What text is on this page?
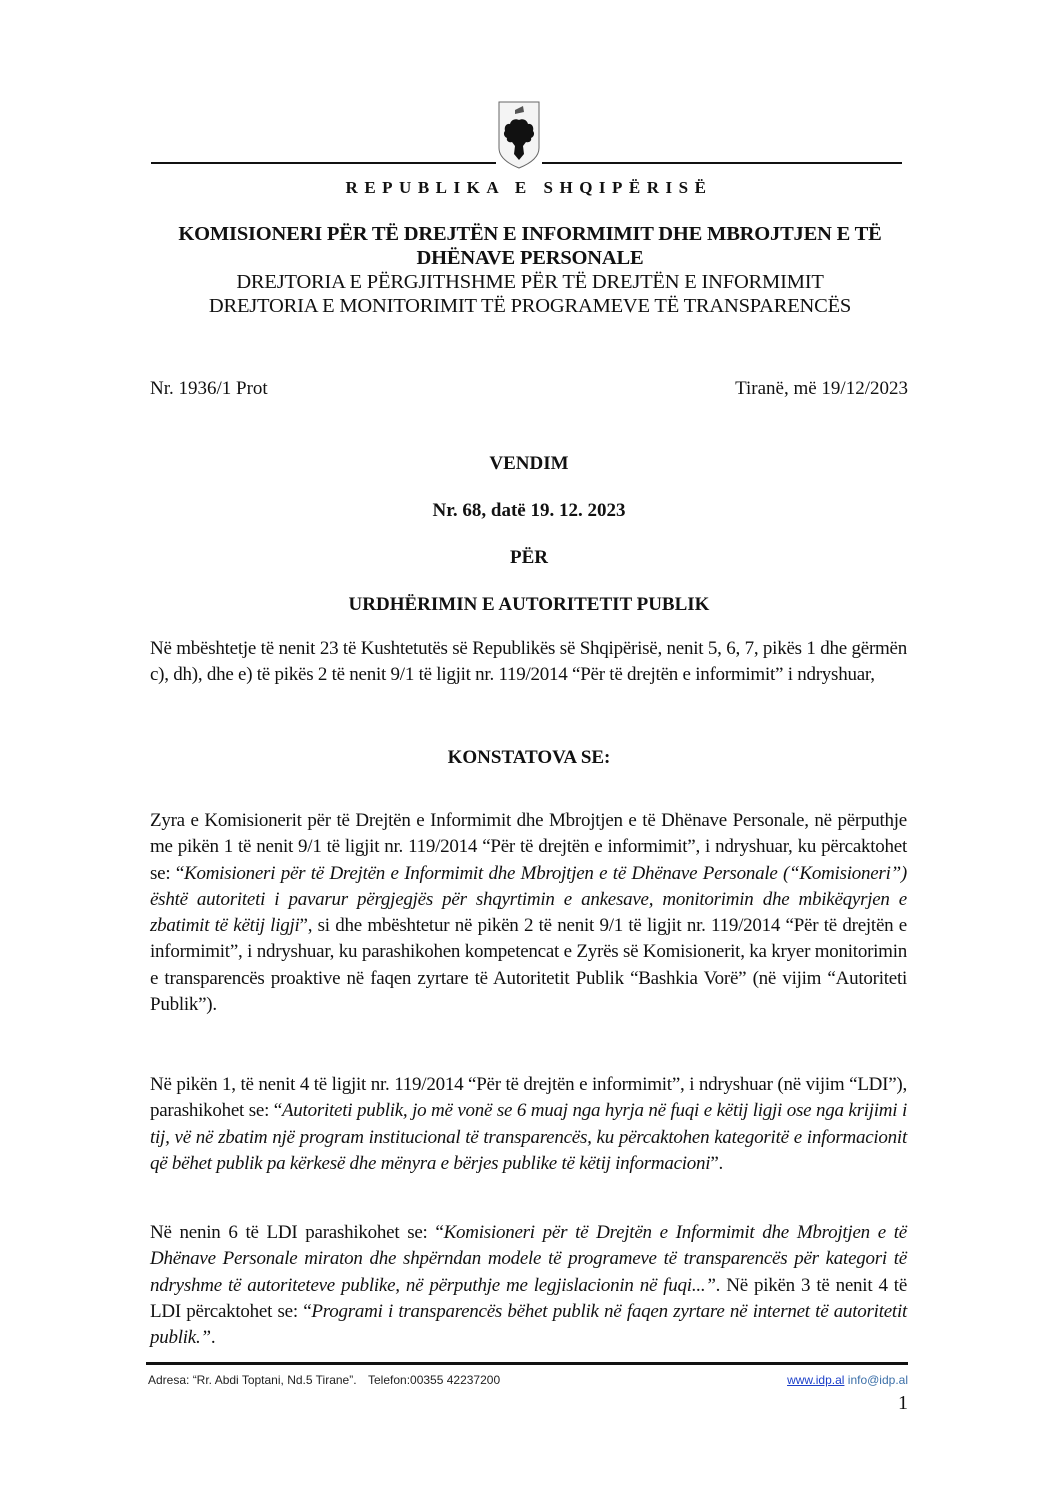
REPUBLIKA E SHQIPËRISË
KOMISIONERI PËR TË DREJTËN E INFORMIMIT DHE MBROJTJEN E TË
DHËNAVE PERSONALE
DREJTORIA E PËRGJITHSHME PËR TË DREJTËN E INFORMIMIT
DREJTORIA E MONITORIMIT TË PROGRAMEVE TË TRANSPARENCËS
Nr. 1936/1 Prot	Tiranë, më 19/12/2023
VENDIM
Nr. 68, datë 19. 12. 2023
PËR
URDHËRIMIN E AUTORITETIT PUBLIK
Në mbështetje të nenit 23 të Kushtetutës së Republikës së Shqipërisë, nenit 5, 6, 7, pikës 1 dhe gërmën c), dh), dhe e) të pikës 2 të nenit 9/1 të ligjit nr. 119/2014 “Për të drejtën e informimit” i ndryshuar,
KONSTATOVA SE:
Zyra e Komisionerit për të Drejtën e Informimit dhe Mbrojtjen e të Dhënave Personale, në përputhje me pikën 1 të nenit 9/1 të ligjit nr. 119/2014 “Për të drejtën e informimit”, i ndryshuar, ku përcaktohet se: “Komisioneri për të Drejtën e Informimit dhe Mbrojtjen e të Dhënave Personale (“Komisioneri”) është autoriteti i pavarur përgjegjës për shqyrtimin e ankesave, monitorimin dhe mbikëqyrjen e zbatimit të këtij ligji”, si dhe mbështetur në pikën 2 të nenit 9/1 të ligjit nr. 119/2014 “Për të drejtën e informimit”, i ndryshuar, ku parashikohen kompetencat e Zyrës së Komisionerit, ka kryer monitorimin e transparencës proaktive në faqen zyrtare të Autoritetit Publik “Bashkia Vorë” (në vijim “Autoriteti Publik”).
Në pikën 1, të nenit 4 të ligjit nr. 119/2014 “Për të drejtën e informimit”, i ndryshuar (në vijim “LDI”), parashikohet se: “Autoriteti publik, jo më vonë se 6 muaj nga hyrja në fuqi e këtij ligji ose nga krijimi i tij, vë në zbatim një program institucional të transparencës, ku përcaktohen kategoritë e informacionit që bëhet publik pa kërkesë dhe mënyra e bërjes publike të këtij informacioni”.
Në nenin 6 të LDI parashikohet se: “Komisioneri për të Drejtën e Informimit dhe Mbrojtjen e të Dhënave Personale miraton dhe shpërndan modele të programeve të transparencës për kategori të ndryshme të autoriteteve publike, në përputhje me legjislacionin në fuqi...”. Në pikën 3 të nenit 4 të LDI përcaktohet se: “Programi i transparencës bëhet publik në faqen zyrtare në internet të autoritetit publik.”.
Adresa: “Rr. Abdi Toptani, Nd.5 Tirane”. Telefon:00355 42237200	www.idp.al info@idp.al
1
